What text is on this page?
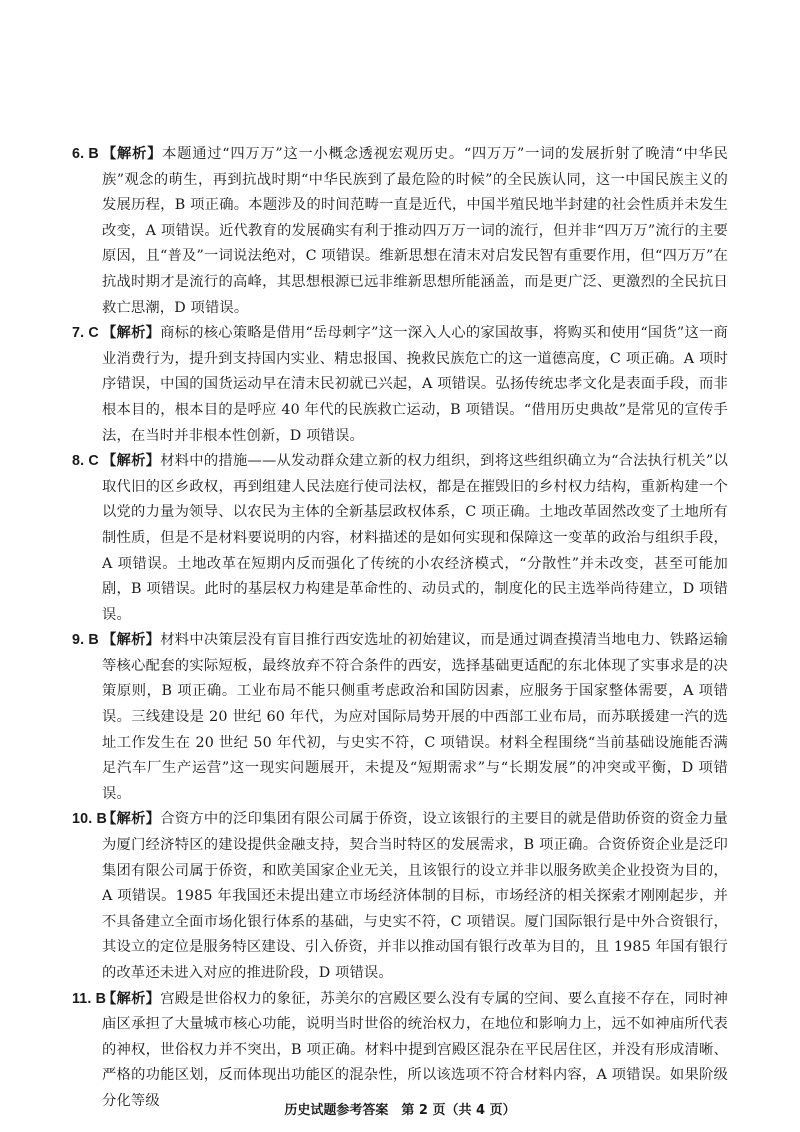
6. B 【解析】本题通过“四万万”这一小概念透视宏观历史。“四万万”一词的发展折射了晚清“中华民族”观念的萌生，再到抗战时期“中华民族到了最危险的时候”的全民族认同，这一中国民族主义的发展历程，B 项正确。本题涉及的时间范畴一直是近代，中国半殖民地半封建的社会性质并未发生改变，A 项错误。近代教育的发展确实有利于推动四万万一词的流行，但并非“四万万”流行的主要原因，且“普及”一词说法绝对，C 项错误。维新思想在清末对启发民智有重要作用，但“四万万”在抗战时期才是流行的高峰，其思想根源已远非维新思想所能涵盖，而是更广泛、更激烈的全民抗日救亡思潮，D 项错误。
7. C 【解析】商标的核心策略是借用“岳母刺字”这一深入人心的家国故事，将购买和使用“国货”这一商业消费行为，提升到支持国内实业、精忠报国、挽救民族危亡的这一道德高度，C 项正确。A 项时序错误，中国的国货运动早在清末民初就已兴起，A 项错误。弘扬传统忠孝文化是表面手段，而非根本目的，根本目的是呼应 40 年代的民族救亡运动，B 项错误。“借用历史典故”是常见的宣传手法，在当时并非根本性创新，D 项错误。
8. C 【解析】材料中的措施——从发动群众建立新的权力组织，到将这些组织确立为“合法执行机关”以取代旧的区乡政权，再到组建人民法庭行使司法权，都是在摧毁旧的乡村权力结构，重新构建一个以党的力量为领导、以农民为主体的全新基层政权体系，C 项正确。土地改革固然改变了土地所有制性质，但是不是材料要说明的内容，材料描述的是如何实现和保障这一变革的政治与组织手段，A 项错误。土地改革在短期内反而强化了传统的小农经济模式，“分散性”并未改变，甚至可能加剧，B 项错误。此时的基层权力构建是革命性的、动员式的，制度化的民主选举尚待建立，D 项错误。
9. B 【解析】材料中决策层没有盲目推行西安选址的初始建议，而是通过调查摸清当地电力、铁路运输等核心配套的实际短板，最终放弃不符合条件的西安，选择基础更适配的东北体现了实事求是的决策原则，B 项正确。工业布局不能只侧重考虑政治和国防因素，应服务于国家整体需要，A 项错误。三线建设是 20 世纪 60 年代，为应对国际局势开展的中西部工业布局，而苏联援建一汽的选址工作发生在 20 世纪 50 年代初，与史实不符，C 项错误。材料全程围绕“当前基础设施能否满足汽车厂生产运营”这一现实问题展开，未提及“短期需求”与“长期发展”的冲突或平衡，D 项错误。
10. B
【解析】合资方中的泛印集团有限公司属于侨资，设立该银行的主要目的就是借助侨资的资金力量为厦门经济特区的建设提供金融支持，契合当时特区的发展需求，B 项正确。合资侨资企业是泛印集团有限公司属于侨资，和欧美国家企业无关，且该银行的设立并非以服务欧美企业投资为目的，A 项错误。1985 年我国还未提出建立市场经济体制的目标，市场经济的相关探索才刚刚起步，并不具备建立全面市场化银行体系的基础，与史实不符，C 项错误。厦门国际银行是中外合资银行，其设立的定位是服务特区建设、引入侨资，并非以推动国有银行改革为目的，且 1985 年国有银行的改革还未进入对应的推进阶段，D 项错误。
11. B
【解析】宫殿是世俗权力的象征，苏美尔的宫殿区要么没有专属的空间、要么直接不存在，同时神庙区承担了大量城市核心功能，说明当时世俗的统治权力，在地位和影响力上，远不如神庙所代表的神权，世俗权力并不突出，B 项正确。材料中提到宫殿区混杂在平民居住区，并没有形成清晰、严格的功能区划，反而体现出功能区的混杂性，所以该选项不符合材料内容，A 项错误。如果阶级分化等级
历史试题参考答案　第 2 页（共 4 页）
